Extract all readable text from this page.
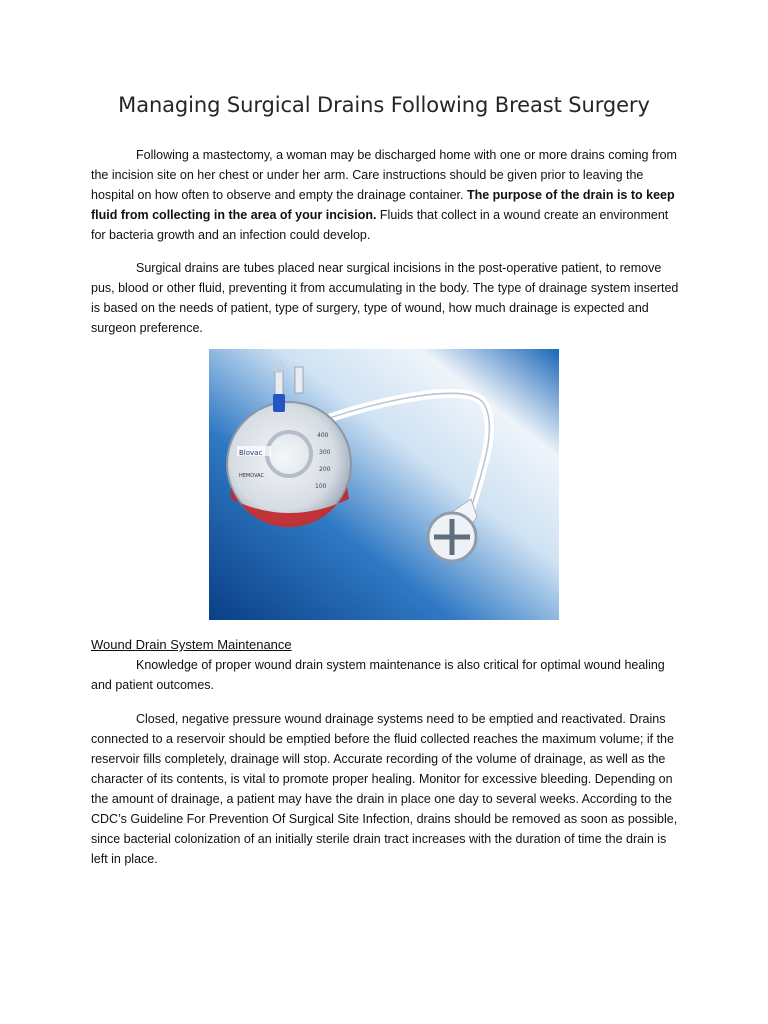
Managing Surgical Drains Following Breast Surgery

Following a mastectomy, a woman may be discharged home with one or more drains coming from the incision site on her chest or under her arm. Care instructions should be given prior to leaving the hospital on how often to observe and empty the drainage container. The purpose of the drain is to keep fluid from collecting in the area of your incision. Fluids that collect in a wound create an environment for bacteria growth and an infection could develop.

Surgical drains are tubes placed near surgical incisions in the post-operative patient, to remove pus, blood or other fluid, preventing it from accumulating in the body. The type of drainage system inserted is based on the needs of patient, type of surgery, type of wound, how much drainage is expected and surgeon preference.

Blovac
HEMOVAC
400
300
200
100
Wound Drain System Maintenance

Knowledge of proper wound drain system maintenance is also critical for optimal wound healing and patient outcomes.

Closed, negative pressure wound drainage systems need to be emptied and reactivated. Drains connected to a reservoir should be emptied before the fluid collected reaches the maximum volume; if the reservoir fills completely, drainage will stop. Accurate recording of the volume of drainage, as well as the character of its contents, is vital to promote proper healing. Monitor for excessive bleeding. Depending on the amount of drainage, a patient may have the drain in place one day to several weeks. According to the CDC’s Guideline For Prevention Of Surgical Site Infection, drains should be removed as soon as possible, since bacterial colonization of an initially sterile drain tract increases with the duration of time the drain is left in place.
